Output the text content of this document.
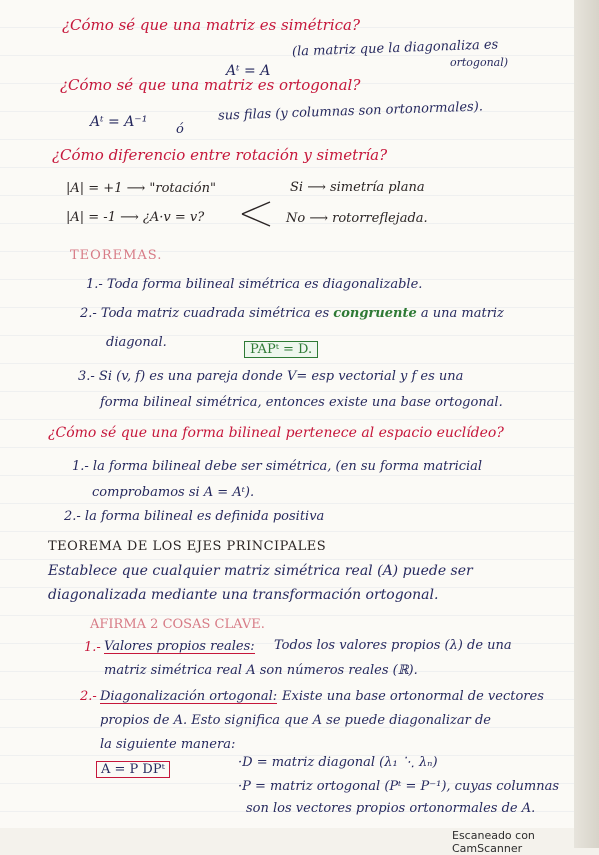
¿Cómo sé que una matriz es simétrica?
Aᵗ = A
(la matriz que la diagonaliza es
ortogonal)
¿Cómo sé que una matriz es ortogonal?
Aᵗ = A⁻¹ ó
sus filas (y columnas son ortonormales).
¿Cómo diferencio entre rotación y simetría?
|A| = +1 ⟶ "rotación"
|A| = -1 ⟶ ¿A·v = v?
Si ⟶ simetría plana
No ⟶ rotorreflejada.
TEOREMAS.
1.- Toda forma bilineal simétrica es diagonalizable.
2.- Toda matriz cuadrada simétrica es congruente a una matriz
diagonal.	PAPᵗ = D.
3.- Si (v, f) es una pareja donde V= esp vectorial y f es una
forma bilineal simétrica, entonces existe una base ortogonal.
¿Cómo sé que una forma bilineal pertenece al espacio euclídeo?
1.- la forma bilineal debe ser simétrica, (en su forma matricial
comprobamos si A = Aᵗ).
2.- la forma bilineal es definida positiva
TEOREMA DE LOS EJES PRINCIPALES
Establece que cualquier matriz simétrica real (A) puede ser
diagonalizada mediante una transformación ortogonal.
AFIRMA 2 COSAS CLAVE.
1.- Valores propios reales: Todos los valores propios (λ) de una
matriz simétrica real A son números reales (ℝ).
2.- Diagonalización ortogonal: Existe una base ortonormal de vectores
propios de A. Esto significa que A se puede diagonalizar de
la siguiente manera:
A = P DPᵗ	·D = matriz diagonal (λ₁ ⋱ λₙ)
·P = matriz ortogonal (Pᵗ = P⁻¹), cuyas columnas
son los vectores propios ortonormales de A.
Escaneado con CamScanner
